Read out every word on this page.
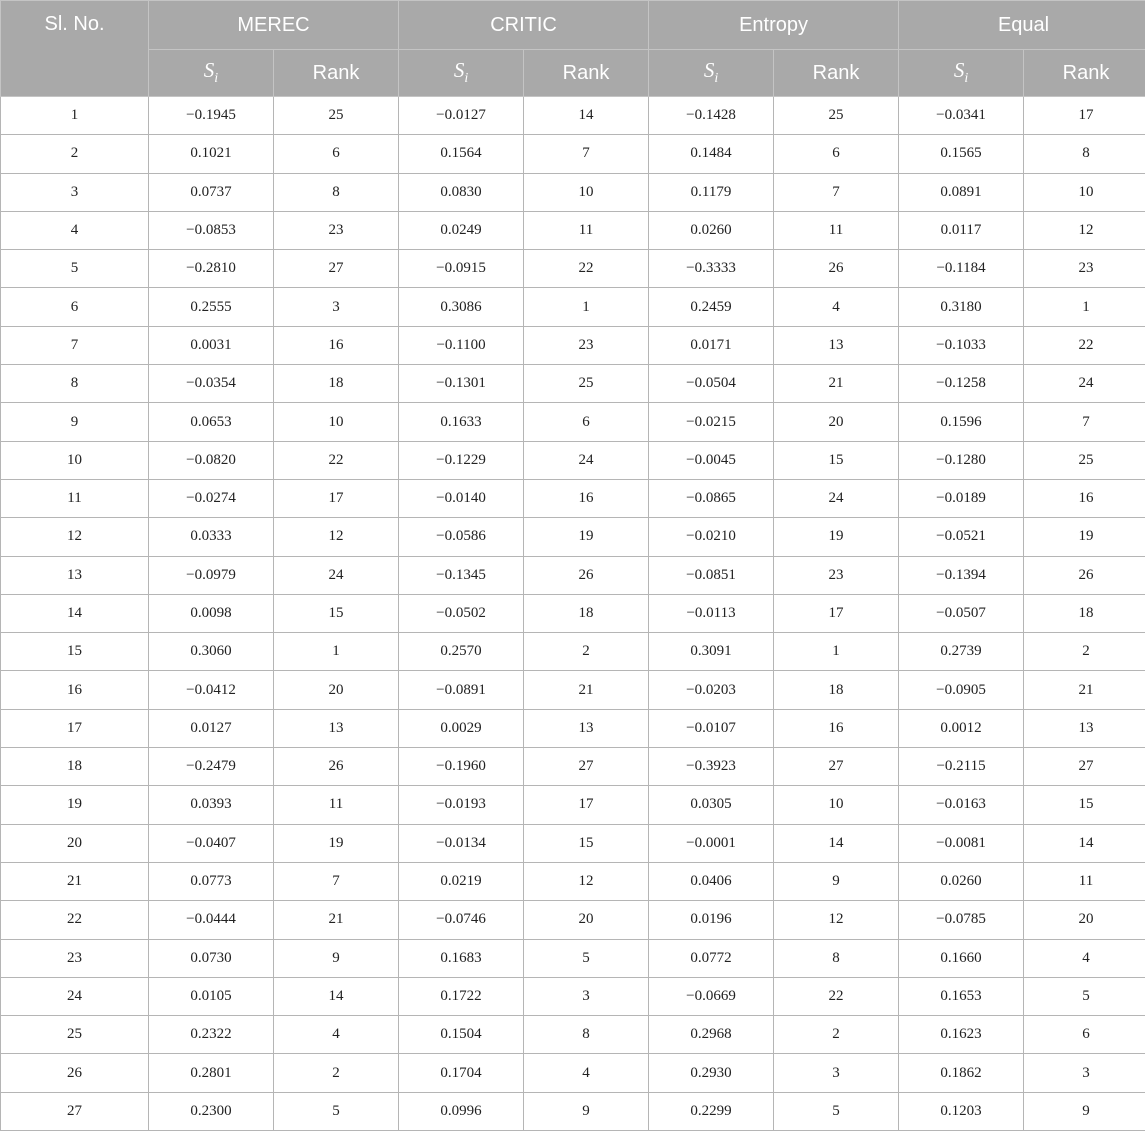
Sl. No.	MEREC		CRITIC		Entropy		Equal	
	$S_i$	Rank	$S_i$	Rank	$S_i$	Rank	$S_i$	Rank
1	−0.1945	25	−0.0127	14	−0.1428	25	−0.0341	17
2	0.1021	6	0.1564	7	0.1484	6	0.1565	8
3	0.0737	8	0.0830	10	0.1179	7	0.0891	10
4	−0.0853	23	0.0249	11	0.0260	11	0.0117	12
5	−0.2810	27	−0.0915	22	−0.3333	26	−0.1184	23
6	0.2555	3	0.3086	1	0.2459	4	0.3180	1
7	0.0031	16	−0.1100	23	0.0171	13	−0.1033	22
8	−0.0354	18	−0.1301	25	−0.0504	21	−0.1258	24
9	0.0653	10	0.1633	6	−0.0215	20	0.1596	7
10	−0.0820	22	−0.1229	24	−0.0045	15	−0.1280	25
11	−0.0274	17	−0.0140	16	−0.0865	24	−0.0189	16
12	0.0333	12	−0.0586	19	−0.0210	19	−0.0521	19
13	−0.0979	24	−0.1345	26	−0.0851	23	−0.1394	26
14	0.0098	15	−0.0502	18	−0.0113	17	−0.0507	18
15	0.3060	1	0.2570	2	0.3091	1	0.2739	2
16	−0.0412	20	−0.0891	21	−0.0203	18	−0.0905	21
17	0.0127	13	0.0029	13	−0.0107	16	0.0012	13
18	−0.2479	26	−0.1960	27	−0.3923	27	−0.2115	27
19	0.0393	11	−0.0193	17	0.0305	10	−0.0163	15
20	−0.0407	19	−0.0134	15	−0.0001	14	−0.0081	14
21	0.0773	7	0.0219	12	0.0406	9	0.0260	11
22	−0.0444	21	−0.0746	20	0.0196	12	−0.0785	20
23	0.0730	9	0.1683	5	0.0772	8	0.1660	4
24	0.0105	14	0.1722	3	−0.0669	22	0.1653	5
25	0.2322	4	0.1504	8	0.2968	2	0.1623	6
26	0.2801	2	0.1704	4	0.2930	3	0.1862	3
27	0.2300	5	0.0996	9	0.2299	5	0.1203	9
